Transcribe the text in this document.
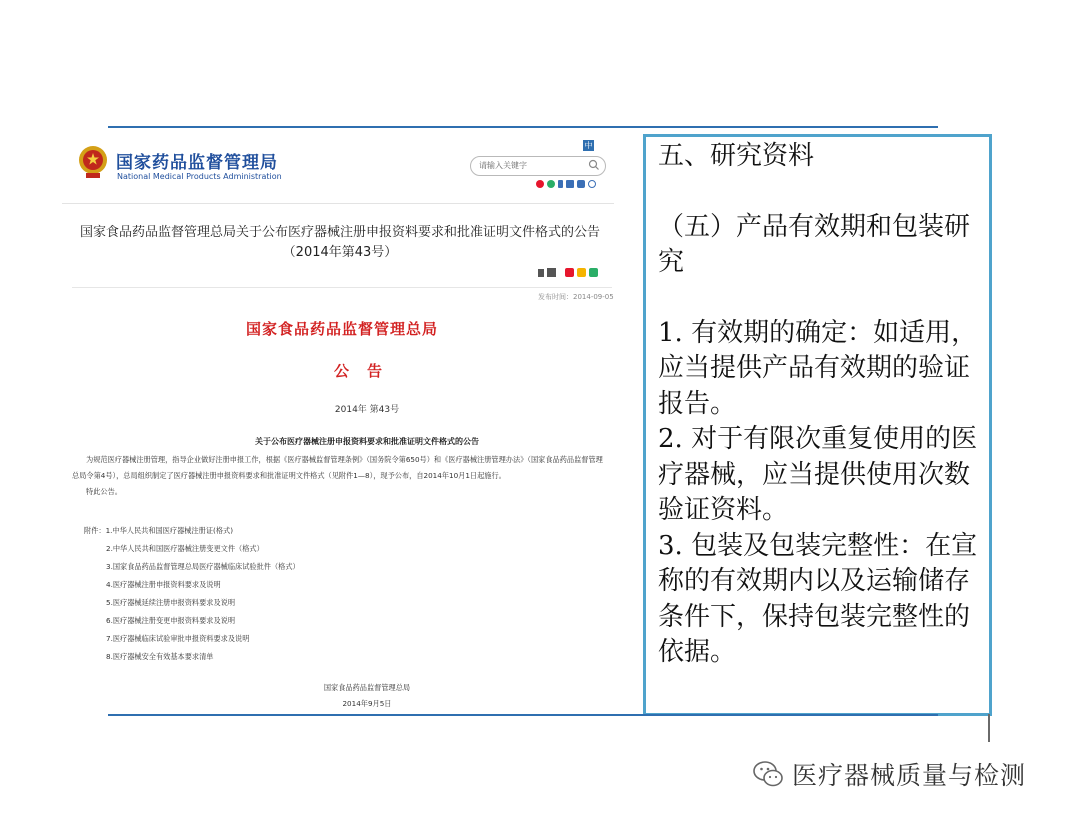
国家药品监督管理局
National Medical Products Administration
中
请输入关键字
国家食品药品监督管理总局关于公布医疗器械注册申报资料要求和批准证明文件格式的公告（2014年第43号）
发布时间：2014-09-05
国家食品药品监督管理总局
公告
2014年 第43号
关于公布医疗器械注册申报资料要求和批准证明文件格式的公告
为规范医疗器械注册管理，指导企业做好注册申报工作，根据《医疗器械监督管理条例》（国务院令第650号）和《医疗器械注册管理办法》（国家食品药品监督管理
总局令第4号），总局组织制定了医疗器械注册申报资料要求和批准证明文件格式（见附件1—8），现予公布，自2014年10月1日起施行。
特此公告。
附件：1.中华人民共和国医疗器械注册证(格式)
2.中华人民共和国医疗器械注册变更文件（格式）
3.国家食品药品监督管理总局医疗器械临床试验批件（格式）
4.医疗器械注册申报资料要求及说明
5.医疗器械延续注册申报资料要求及说明
6.医疗器械注册变更申报资料要求及说明
7.医疗器械临床试验审批申报资料要求及说明
8.医疗器械安全有效基本要求清单
国家食品药品监督管理总局
2014年9月5日
五、研究资料
（五）产品有效期和包装研究
1. 有效期的确定：如适用，应当提供产品有效期的验证报告。
2. 对于有限次重复使用的医疗器械，应当提供使用次数验证资料。
3. 包装及包装完整性：在宣称的有效期内以及运输储存条件下，保持包装完整性的依据。
医疗器械质量与检测
